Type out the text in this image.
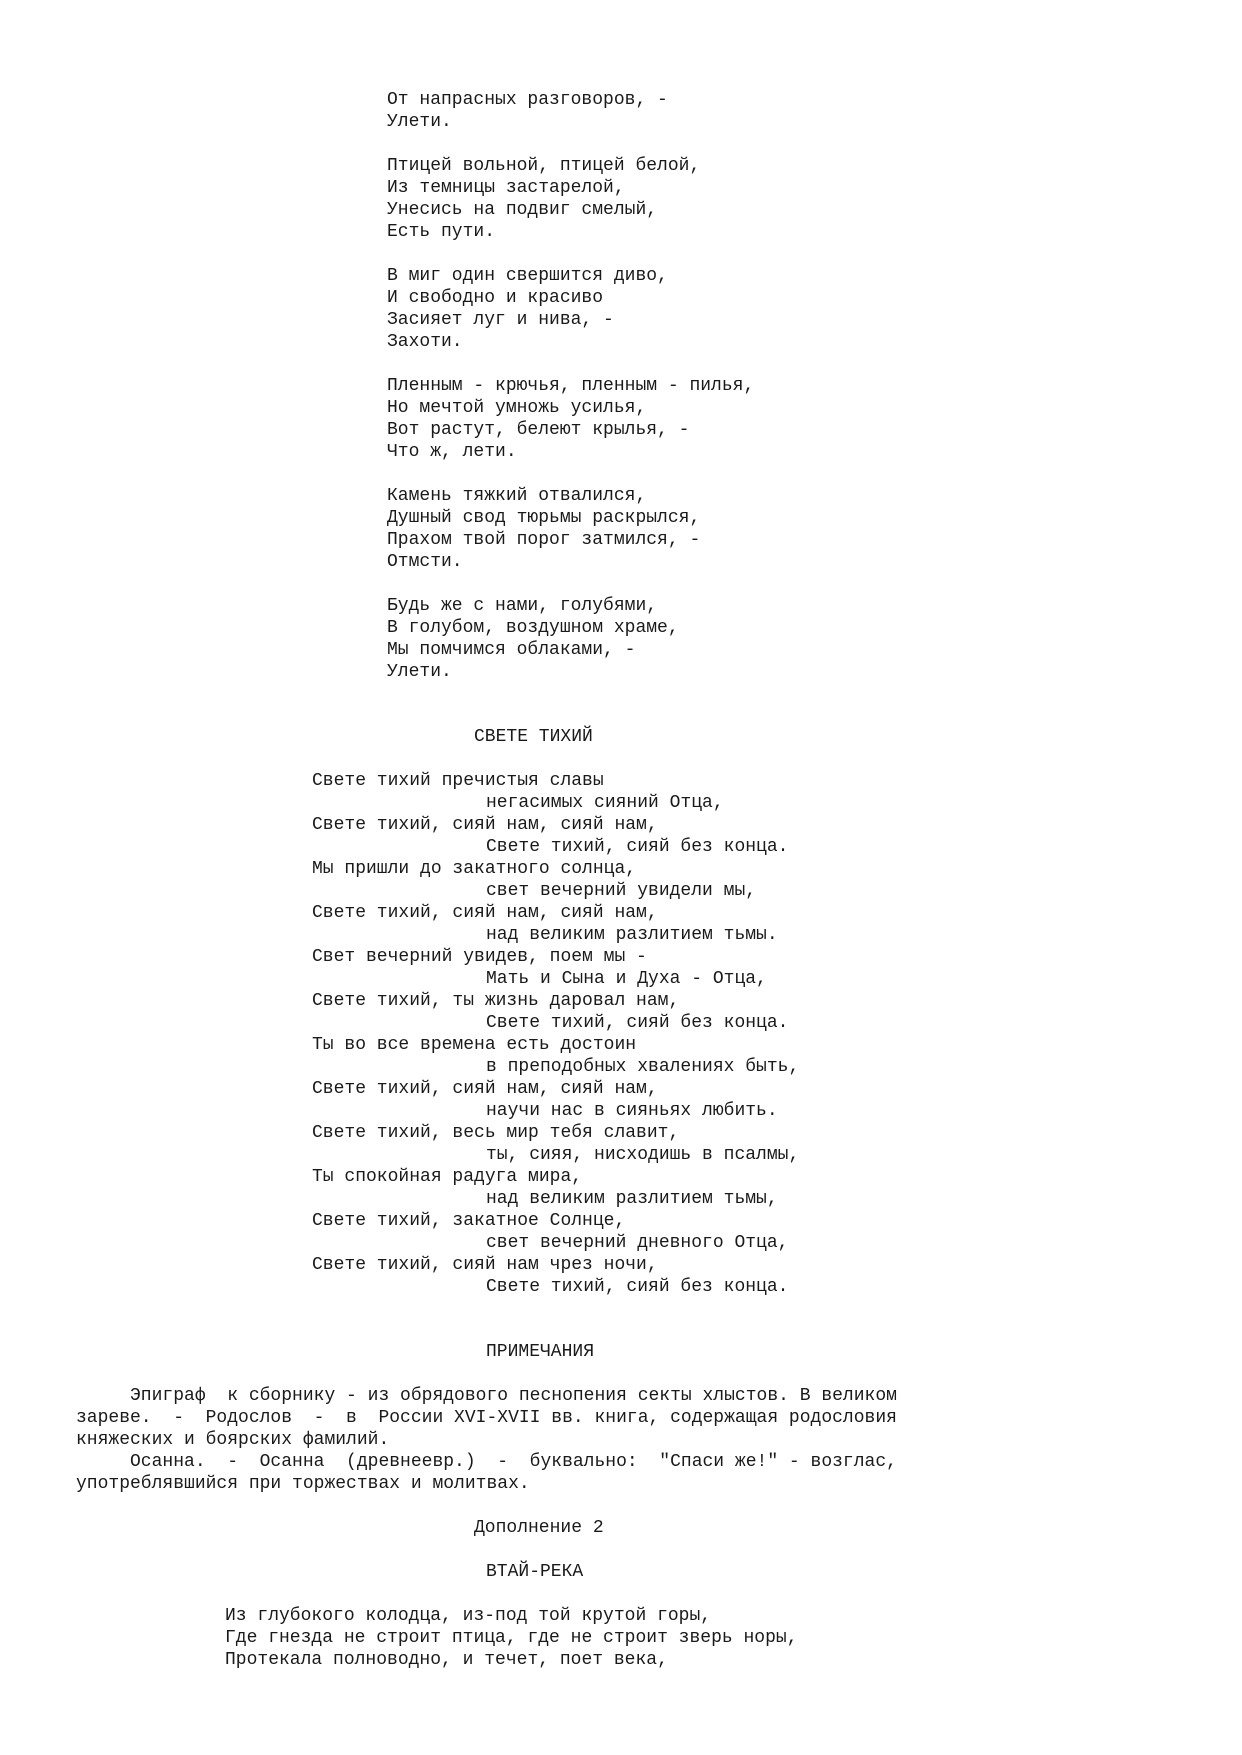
От напрасных разговоров, -
Улети.
Птицей вольной, птицей белой,
Из темницы застарелой,
Унесись на подвиг смелый,
Есть пути.
В миг один свершится диво,
И свободно и красиво
Засияет луг и нива, -
Захоти.
Пленным - крючья, пленным - пилья,
Но мечтой умножь усилья,
Вот растут, белеют крылья, -
Что ж, лети.
Камень тяжкий отвалился,
Душный свод тюрьмы раскрылся,
Прахом твой порог затмился, -
Отмсти.
Будь же с нами, голубями,
В голубом, воздушном храме,
Мы помчимся облаками, -
Улети.
СВЕТЕ ТИХИЙ
Свете тихий пречистыя славы
негасимых сияний Отца,
Свете тихий, сияй нам, сияй нам,
Свете тихий, сияй без конца.
Мы пришли до закатного солнца,
свет вечерний увидели мы,
Свете тихий, сияй нам, сияй нам,
над великим разлитием тьмы.
Свет вечерний увидев, поем мы -
Мать и Сына и Духа - Отца,
Свете тихий, ты жизнь даровал нам,
Свете тихий, сияй без конца.
Ты во все времена есть достоин
в преподобных хвалениях быть,
Свете тихий, сияй нам, сияй нам,
научи нас в сияньях любить.
Свете тихий, весь мир тебя славит,
ты, сияя, нисходишь в псалмы,
Ты спокойная радуга мира,
над великим разлитием тьмы,
Свете тихий, закатное Солнце,
свет вечерний дневного Отца,
Свете тихий, сияй нам чрез ночи,
Свете тихий, сияй без конца.
ПРИМЕЧАНИЯ
Эпиграф  к сборнику - из обрядового песнопения секты хлыстов. В великом
зареве.  -  Родослов  -  в  России XVI-XVII вв. книга, содержащая родословия
княжеских и боярских фамилий.
Осанна.  -  Осанна  (древнеевр.)  -  буквально:  "Спаси же!" - возглас,
употреблявшийся при торжествах и молитвах.
Дополнение 2
ВТАЙ-РЕКА
Из глубокого колодца, из-под той крутой горы,
Где гнезда не строит птица, где не строит зверь норы,
Протекала полноводно, и течет, поет века,
